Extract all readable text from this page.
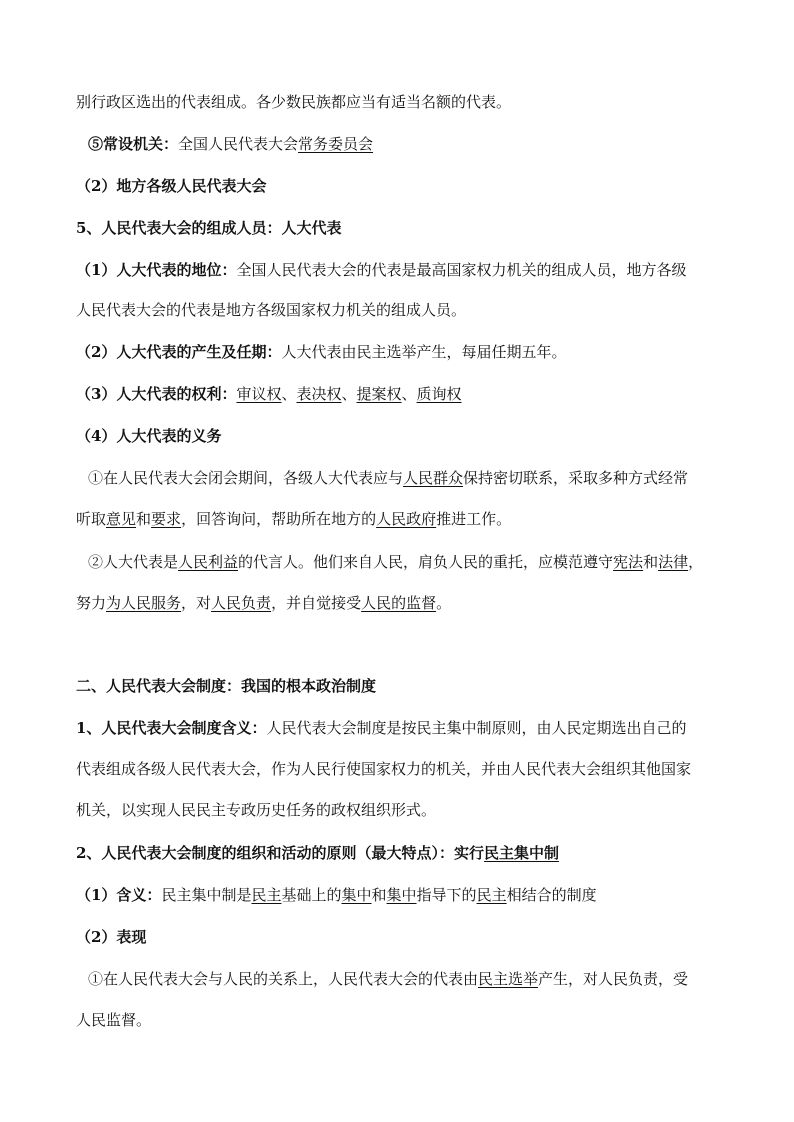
别行政区选出的代表组成。各少数民族都应当有适当名额的代表。
⑤常设机关：全国人民代表大会常务委员会
（2）地方各级人民代表大会
5、人民代表大会的组成人员：人大代表
（1）人大代表的地位：全国人民代表大会的代表是最高国家权力机关的组成人员，地方各级
人民代表大会的代表是地方各级国家权力机关的组成人员。
（2）人大代表的产生及任期：人大代表由民主选举产生，每届任期五年。
（3）人大代表的权利：审议权、表决权、提案权、质询权
（4）人大代表的义务
①在人民代表大会闭会期间，各级人大代表应与人民群众保持密切联系，采取多种方式经常
听取意见和要求，回答询问，帮助所在地方的人民政府推进工作。
②人大代表是人民利益的代言人。他们来自人民，肩负人民的重托，应模范遵守宪法和法律，
努力为人民服务，对人民负责，并自觉接受人民的监督。
二、人民代表大会制度：我国的根本政治制度
1、人民代表大会制度含义：人民代表大会制度是按民主集中制原则，由人民定期选出自己的
代表组成各级人民代表大会，作为人民行使国家权力的机关，并由人民代表大会组织其他国家
机关，以实现人民民主专政历史任务的政权组织形式。
2、人民代表大会制度的组织和活动的原则（最大特点）：实行民主集中制
（1）含义：民主集中制是民主基础上的集中和集中指导下的民主相结合的制度
（2）表现
①在人民代表大会与人民的关系上，人民代表大会的代表由民主选举产生，对人民负责，受
人民监督。
